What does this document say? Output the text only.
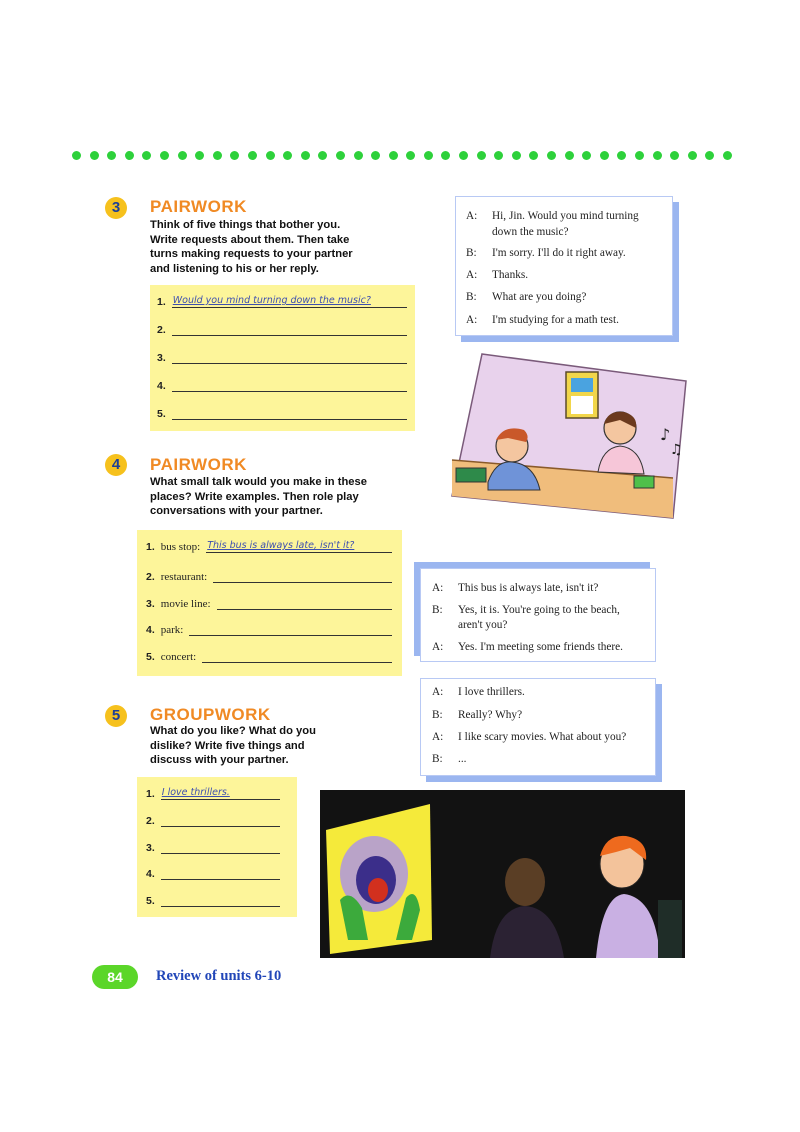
3	PAIRWORK
Think of five things that bother you.
Write requests about them. Then take
turns making requests to your partner
and listening to his or her reply.
1. Would you mind turning down the music?
2.
3.
4.
5.
A:	Hi, Jin. Would you mind turning
down the music?
B:	I'm sorry. I'll do it right away.
A:	Thanks.
B:	What are you doing?
A:	I'm studying for a math test.
♪
♫
4	PAIRWORK
What small talk would you make in these
places? Write examples. Then role play
conversations with your partner.
1. bus stop: This bus is always late, isn't it?
2. restaurant:
3. movie line:
4. park:
5. concert:
A:	This bus is always late, isn't it?
B:	Yes, it is. You're going to the beach,
aren't you?
A:	Yes. I'm meeting some friends there.
A:	I love thrillers.
B:	Really? Why?
A:	I like scary movies. What about you?
B:	...
5	GROUPWORK
What do you like? What do you
dislike? Write five things and
discuss with your partner.
1. I love thrillers.
2.
3.
4.
5.
84	Review of units 6-10
